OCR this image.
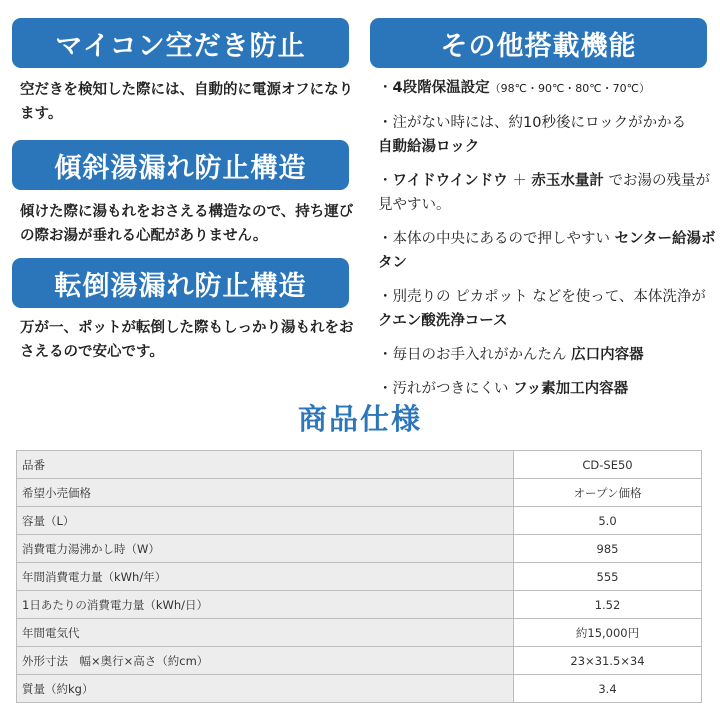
マイコン空だき防止

空だきを検知した際には、自動的に電源オフになります。

傾斜湯漏れ防止構造

傾けた際に湯もれをおさえる構造なので、持ち運びの際お湯が垂れる心配がありません。

転倒湯漏れ防止構造

万が一、ポットが転倒した際もしっかり湯もれをおさえるので安心です。

その他搭載機能
・4段階保温設定（98℃・90℃・80℃・70℃）
・注がない時には、約10秒後にロックがかかる
自動給湯ロック
・ワイドウインドウ ＋ 赤玉水量計 でお湯の残量が見やすい。
・本体の中央にあるので押しやすい センター給湯ボタン
・別売りの ピカポット などを使って、本体洗浄がクエン酸洗浄コース
・毎日のお手入れがかんたん 広口内容器
・汚れがつきにくい フッ素加工内容器
商品仕様
品番	CD-SE50
希望小売価格	オープン価格
容量（L）	5.0
消費電力湯沸かし時（W）	985
年間消費電力量（kWh/年）	555
1日あたりの消費電力量（kWh/日）	1.52
年間電気代	約15,000円
外形寸法　幅×奥行×高さ（約cm）	23×31.5×34
質量（約kg）	3.4
